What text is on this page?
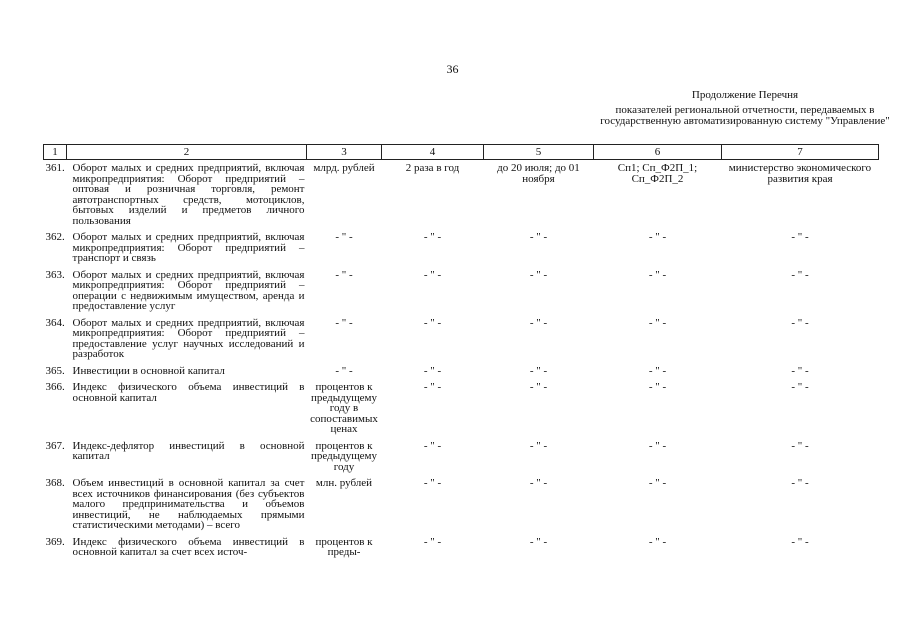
36
Продолжение Перечня
показателей региональной отчетности, передаваемых в государственную автоматизированную систему "Управление"
1	2	3	4	5	6	7
361.	Оборот малых и средних предприятий, включая микропредприятия: Оборот предприятий – оптовая и розничная торговля, ремонт автотранспортных средств, мотоциклов, бытовых изделий и предметов личного пользования	млрд. рублей	2 раза в год	до 20 июля; до 01 ноября	Сп1; Сп_Ф2П_1; Сп_Ф2П_2	министерство экономического развития края
362.	Оборот малых и средних предприятий, включая микропредприятия: Оборот предприятий – транспорт и связь	- " -	- " -	- " -	- " -	- " -
363.	Оборот малых и средних предприятий, включая микропредприятия: Оборот предприятий – операции с недвижимым имуществом, аренда и предоставление услуг	- " -	- " -	- " -	- " -	- " -
364.	Оборот малых и средних предприятий, включая микропредприятия: Оборот предприятий – предоставление услуг научных исследований и разработок	- " -	- " -	- " -	- " -	- " -
365.	Инвестиции в основной капитал	- " -	- " -	- " -	- " -	- " -
366.	Индекс физического объема инвестиций в основной капитал	процентов к предыдущему году в сопоставимых ценах	- " -	- " -	- " -	- " -
367.	Индекс-дефлятор инвестиций в основной капитал	процентов к предыдущему году	- " -	- " -	- " -	- " -
368.	Объем инвестиций в основной капитал за счет всех источников финансирования (без субъектов малого предпринимательства и объемов инвестиций, не наблюдаемых прямыми статистическими методами) – всего	млн. рублей	- " -	- " -	- " -	- " -
369.	Индекс физического объема инвестиций в основной капитал за счет всех источ-	процентов к преды-	- " -	- " -	- " -	- " -
